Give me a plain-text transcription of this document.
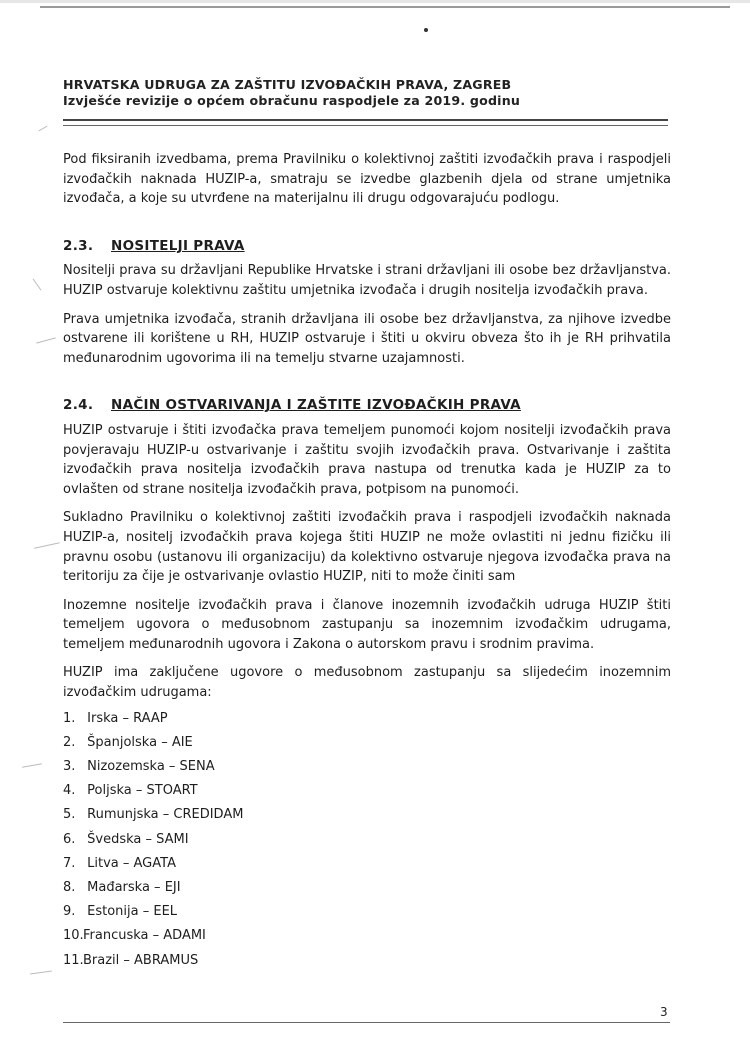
HRVATSKA UDRUGA ZA ZAŠTITU IZVOĐAČKIH PRAVA, ZAGREB
Izvješće revizije o općem obračunu raspodjele za 2019. godinu

Pod fiksiranih izvedbama, prema Pravilniku o kolektivnoj zaštiti izvođačkih prava i raspodjeli izvođačkih naknada HUZIP-a, smatraju se izvedbe glazbenih djela od strane umjetnika izvođača, a koje su utvrđene na materijalnu ili drugu odgovarajuću podlogu.

2.3. NOSITELJI PRAVA

Nositelji prava su državljani Republike Hrvatske i strani državljani ili osobe bez državljanstva. HUZIP ostvaruje kolektivnu zaštitu umjetnika izvođača i drugih nositelja izvođačkih prava.

Prava umjetnika izvođača, stranih državljana ili osobe bez državljanstva, za njihove izvedbe ostvarene ili korištene u RH, HUZIP ostvaruje i štiti u okviru obveza što ih je RH prihvatila međunarodnim ugovorima ili na temelju stvarne uzajamnosti.

2.4. NAČIN OSTVARIVANJA I ZAŠTITE IZVOĐAČKIH PRAVA

HUZIP ostvaruje i štiti izvođačka prava temeljem punomoći kojom nositelji izvođačkih prava povjeravaju HUZIP-u ostvarivanje i zaštitu svojih izvođačkih prava. Ostvarivanje i zaštita izvođačkih prava nositelja izvođačkih prava nastupa od trenutka kada je HUZIP za to ovlašten od strane nositelja izvođačkih prava, potpisom na punomoći.

Sukladno Pravilniku o kolektivnoj zaštiti izvođačkih prava i raspodjeli izvođačkih naknada HUZIP-a, nositelj izvođačkih prava kojega štiti HUZIP ne može ovlastiti ni jednu fizičku ili pravnu osobu (ustanovu ili organizaciju) da kolektivno ostvaruje njegova izvođačka prava na teritoriju za čije je ostvarivanje ovlastio HUZIP, niti to može činiti sam

Inozemne nositelje izvođačkih prava i članove inozemnih izvođačkih udruga HUZIP štiti temeljem ugovora o međusobnom zastupanju sa inozemnim izvođačkim udrugama, temeljem međunarodnih ugovora i Zakona o autorskom pravu i srodnim pravima.

HUZIP ima zaključene ugovore o međusobnom zastupanju sa slijedećim inozemnim izvođačkim udrugama:

1. Irska – RAAP
2. Španjolska – AIE
3. Nizozemska – SENA
4. Poljska – STOART
5. Rumunjska – CREDIDAM
6. Švedska – SAMI
7. Litva – AGATA
8. Mađarska – EJI
9. Estonija – EEL
10.Francuska – ADAMI
11.Brazil – ABRAMUS
3
